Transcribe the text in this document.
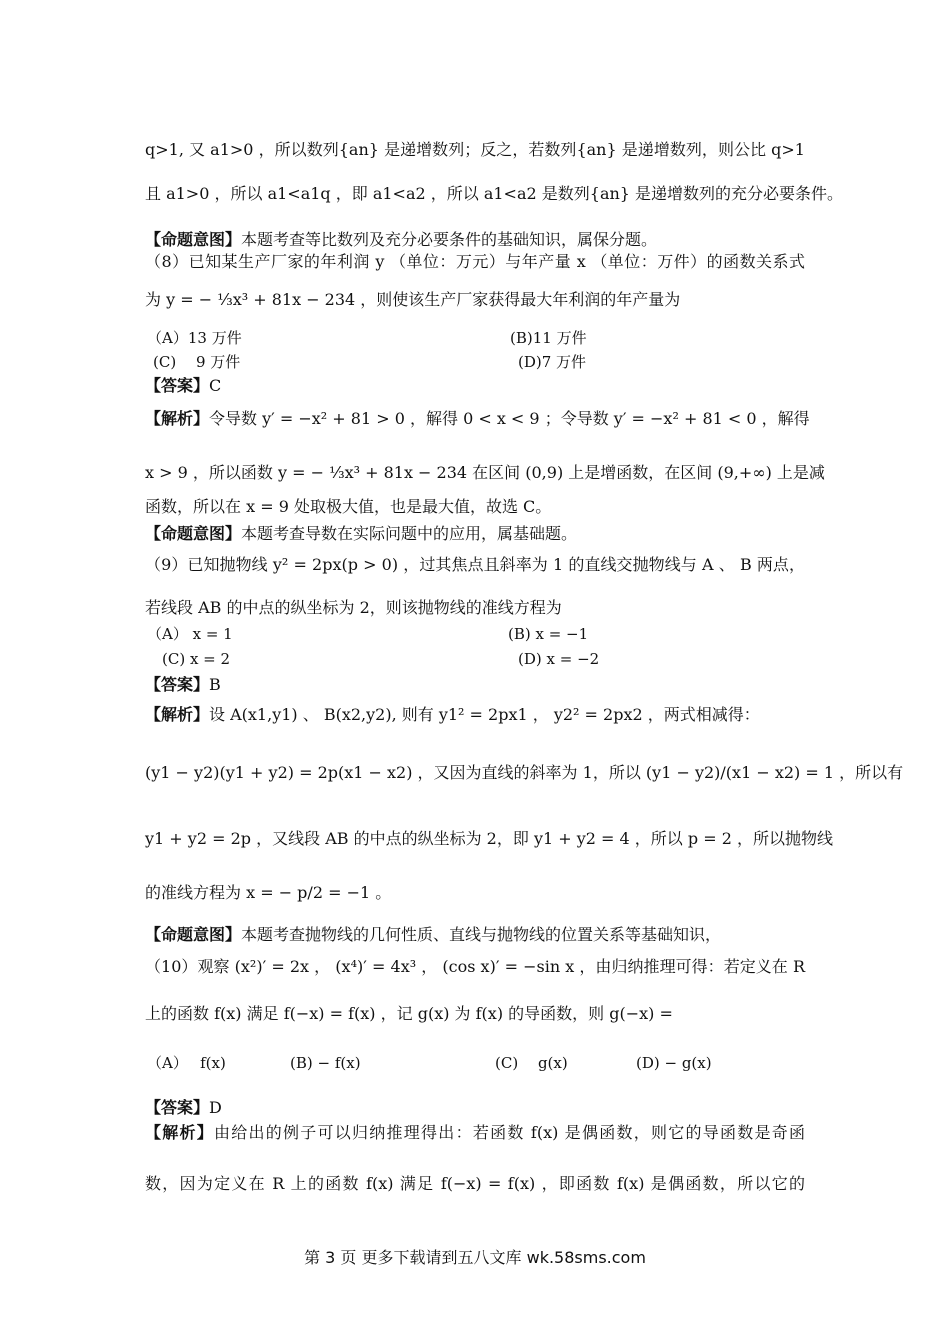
q>1, 又 a1>0 ，所以数列{an} 是递增数列；反之，若数列{an} 是递增数列，则公比 q>1
且 a1>0 ，所以 a1<a1q ，即 a1<a2 ，所以 a1<a2 是数列{an} 是递增数列的充分必要条件。
【命题意图】本题考查等比数列及充分必要条件的基础知识，属保分题。
（8）已知某生产厂家的年利润 y （单位：万元）与年产量 x （单位：万件）的函数关系式
为 y = − ⅓x³ + 81x − 234 ，则使该生产厂家获得最大年利润的年产量为
（A）13 万件	(B)11 万件
(C)　 9 万件	(D)7 万件
【答案】C
【解析】令导数 y′ = −x² + 81 > 0 ，解得 0 < x < 9 ；令导数 y′ = −x² + 81 < 0 ，解得
x > 9 ，所以函数 y = − ⅓x³ + 81x − 234 在区间 (0,9) 上是增函数，在区间 (9,+∞) 上是减
函数，所以在 x = 9 处取极大值，也是最大值，故选 C。
【命题意图】本题考查导数在实际问题中的应用，属基础题。
（9）已知抛物线 y² = 2px(p > 0) ，过其焦点且斜率为 1 的直线交抛物线与 A 、 B 两点，
若线段 AB 的中点的纵坐标为 2，则该抛物线的准线方程为
（A） x = 1	(B) x = −1
(C) x = 2	(D) x = −2
【答案】B
【解析】设 A(x1,y1) 、 B(x2,y2), 则有 y1² = 2px1 ， y2² = 2px2 ，两式相减得：
(y1 − y2)(y1 + y2) = 2p(x1 − x2) ，又因为直线的斜率为 1，所以 (y1 − y2)/(x1 − x2) = 1 ，所以有
y1 + y2 = 2p ，又线段 AB 的中点的纵坐标为 2，即 y1 + y2 = 4 ，所以 p = 2 ，所以抛物线
的准线方程为 x = − p/2 = −1 。
【命题意图】本题考查抛物线的几何性质、直线与抛物线的位置关系等基础知识，
（10）观察 (x²)′ = 2x ， (x⁴)′ = 4x³ ， (cos x)′ = −sin x ，由归纳推理可得：若定义在 R
上的函数 f(x) 满足 f(−x) = f(x) ，记 g(x) 为 f(x) 的导函数，则 g(−x) =
（A）　 f(x)	(B) − f(x)	(C)　 g(x)	(D) − g(x)
【答案】D
【解析】由给出的例子可以归纳推理得出：若函数 f(x) 是偶函数，则它的导函数是奇函
数，因为定义在 R 上的函数 f(x) 满足 f(−x) = f(x) ，即函数 f(x) 是偶函数，所以它的
第 3 页 更多下载请到五八文库 wk.58sms.com
